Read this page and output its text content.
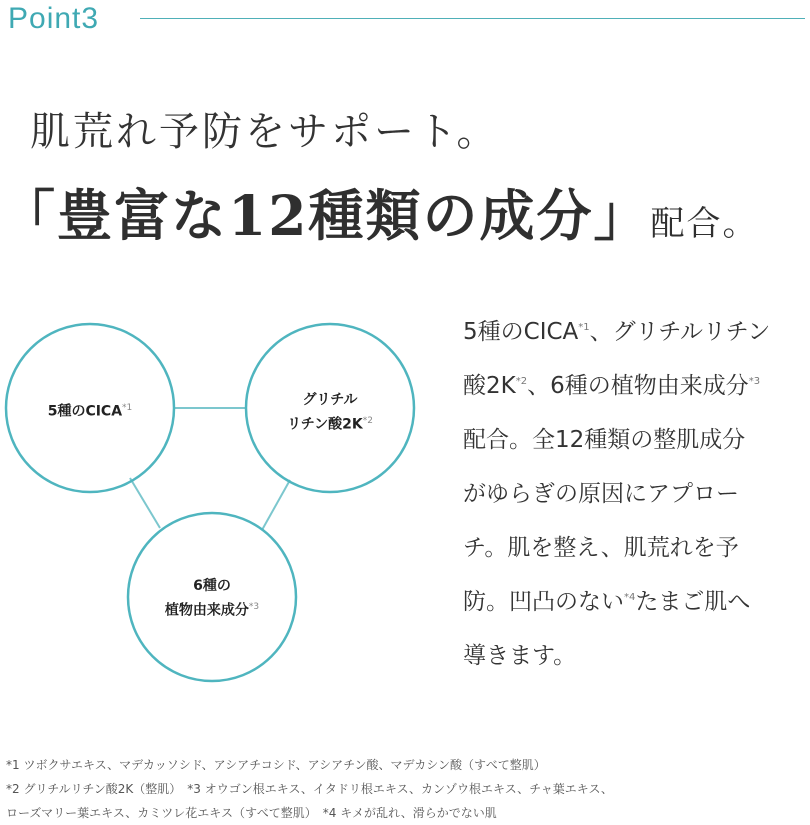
Point3
肌荒れ予防をサポート。
「豊富な12種類の成分」配合。
5種のCICA$^{*1}$	グリチル
リチン酸$2K^{*2}$
6種の
植物由来成分$^{*3}$
5種のCICA$^{*1}$、グリチルリチン
酸$2K^{*2}$、6種の植物由来成分$^{*3}$
配合。全12種類の整肌成分
がゆらぎの原因にアプロー
チ。肌を整え、肌荒れを予
防。凹凸のない$^{*4}$たまご肌へ
導きます。
*1 ツボクサエキス、マデカッソシド、アシアチコシド、アシアチン酸、マデカシン酸（すべて整肌）
*2 グリチルリチン酸2K（整肌）　*3 オウゴン根エキス、イタドリ根エキス、カンゾウ根エキス、チャ葉エキス、
ローズマリー葉エキス、カミツレ花エキス（すべて整肌）　*4 キメが乱れ、滑らかでない肌
